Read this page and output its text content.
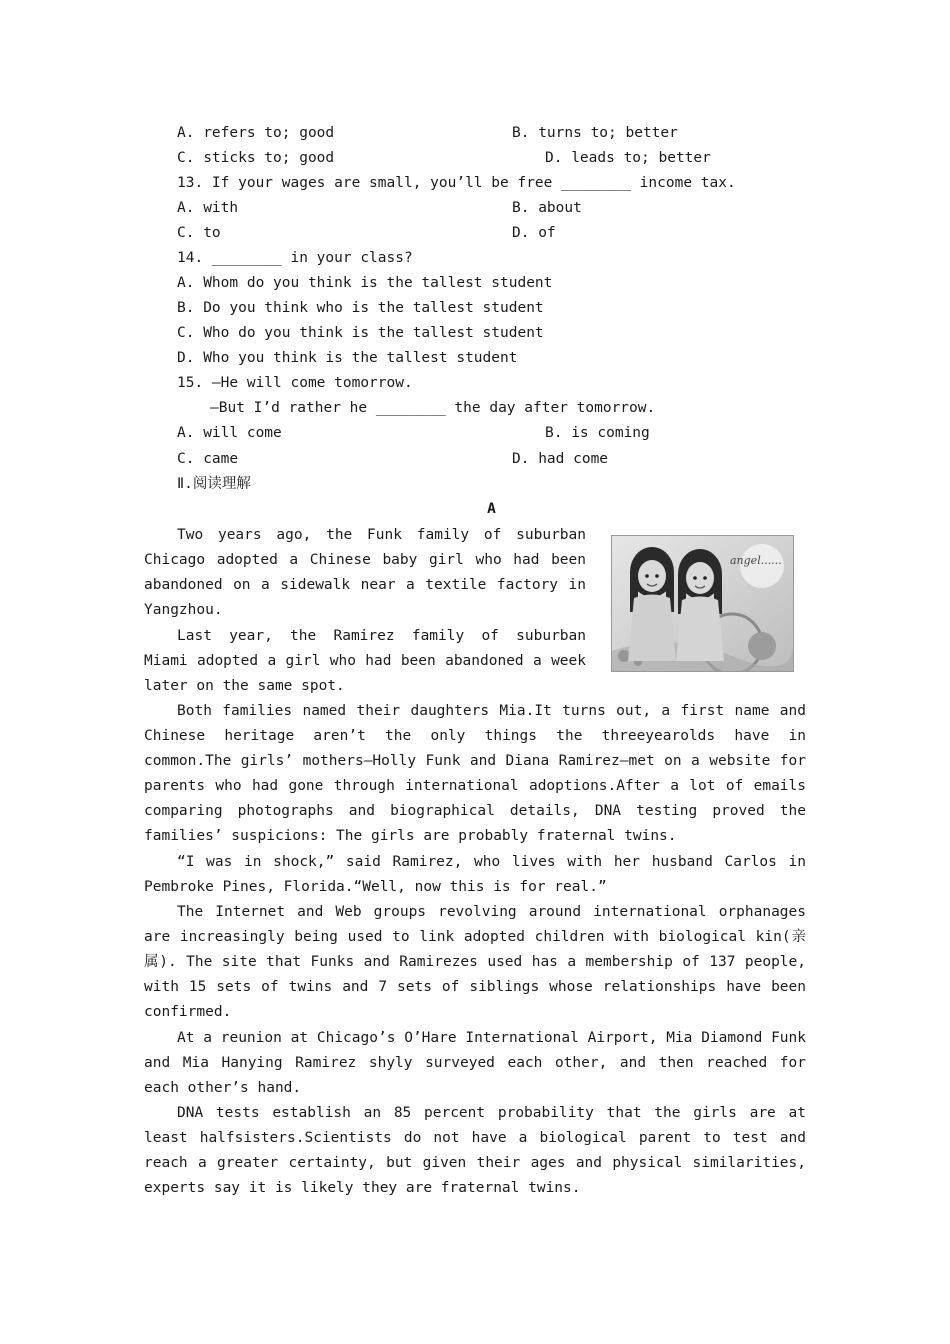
A. refers to; good	B. turns to; better
C. sticks to; good	D. leads to; better
13. If your wages are small, you’ll be free ________ income tax.
A. with	B. about
C. to	D. of
14. ________ in your class?
A. Whom do you think is the tallest student
B. Do you think who is the tallest student
C. Who do you think is the tallest student
D. Who you think is the tallest student
15. —He will come tomorrow.
—But I’d rather he ________ the day after tomorrow.
A. will come	B. is coming
C. came	D. had come
Ⅱ.阅读理解
A
angel......

Two years ago, the Funk family of suburban Chicago adopted a Chinese baby girl who had been abandoned on a sidewalk near a textile factory in Yangzhou.

Last year, the Ramirez family of suburban Miami adopted a girl who had been abandoned a week later on the same spot.

Both families named their daughters Mia.It turns out, a first name and Chinese heritage aren’t the only things the threeyearolds have in common.The girls’ mothers—Holly Funk and Diana Ramirez—met on a website for parents who had gone through international adoptions.After a lot of emails comparing photographs and biographical details, DNA testing proved the families’ suspicions: The girls are probably fraternal twins.

“I was in shock,” said Ramirez, who lives with her husband Carlos in Pembroke Pines, Florida.“Well, now this is for real.”

The Internet and Web groups revolving around international orphanages are increasingly being used to link adopted children with biological kin(亲属). The site that Funks and Ramirezes used has a membership of 137 people, with 15 sets of twins and 7 sets of siblings whose relationships have been confirmed.

At a reunion at Chicago’s O’Hare International Airport, Mia Diamond Funk and Mia Hanying Ramirez shyly surveyed each other, and then reached for each other’s hand.

DNA tests establish an 85 percent probability that the girls are at least halfsisters.Scientists do not have a biological parent to test and reach a greater certainty, but given their ages and physical similarities, experts say it is likely they are fraternal twins.
